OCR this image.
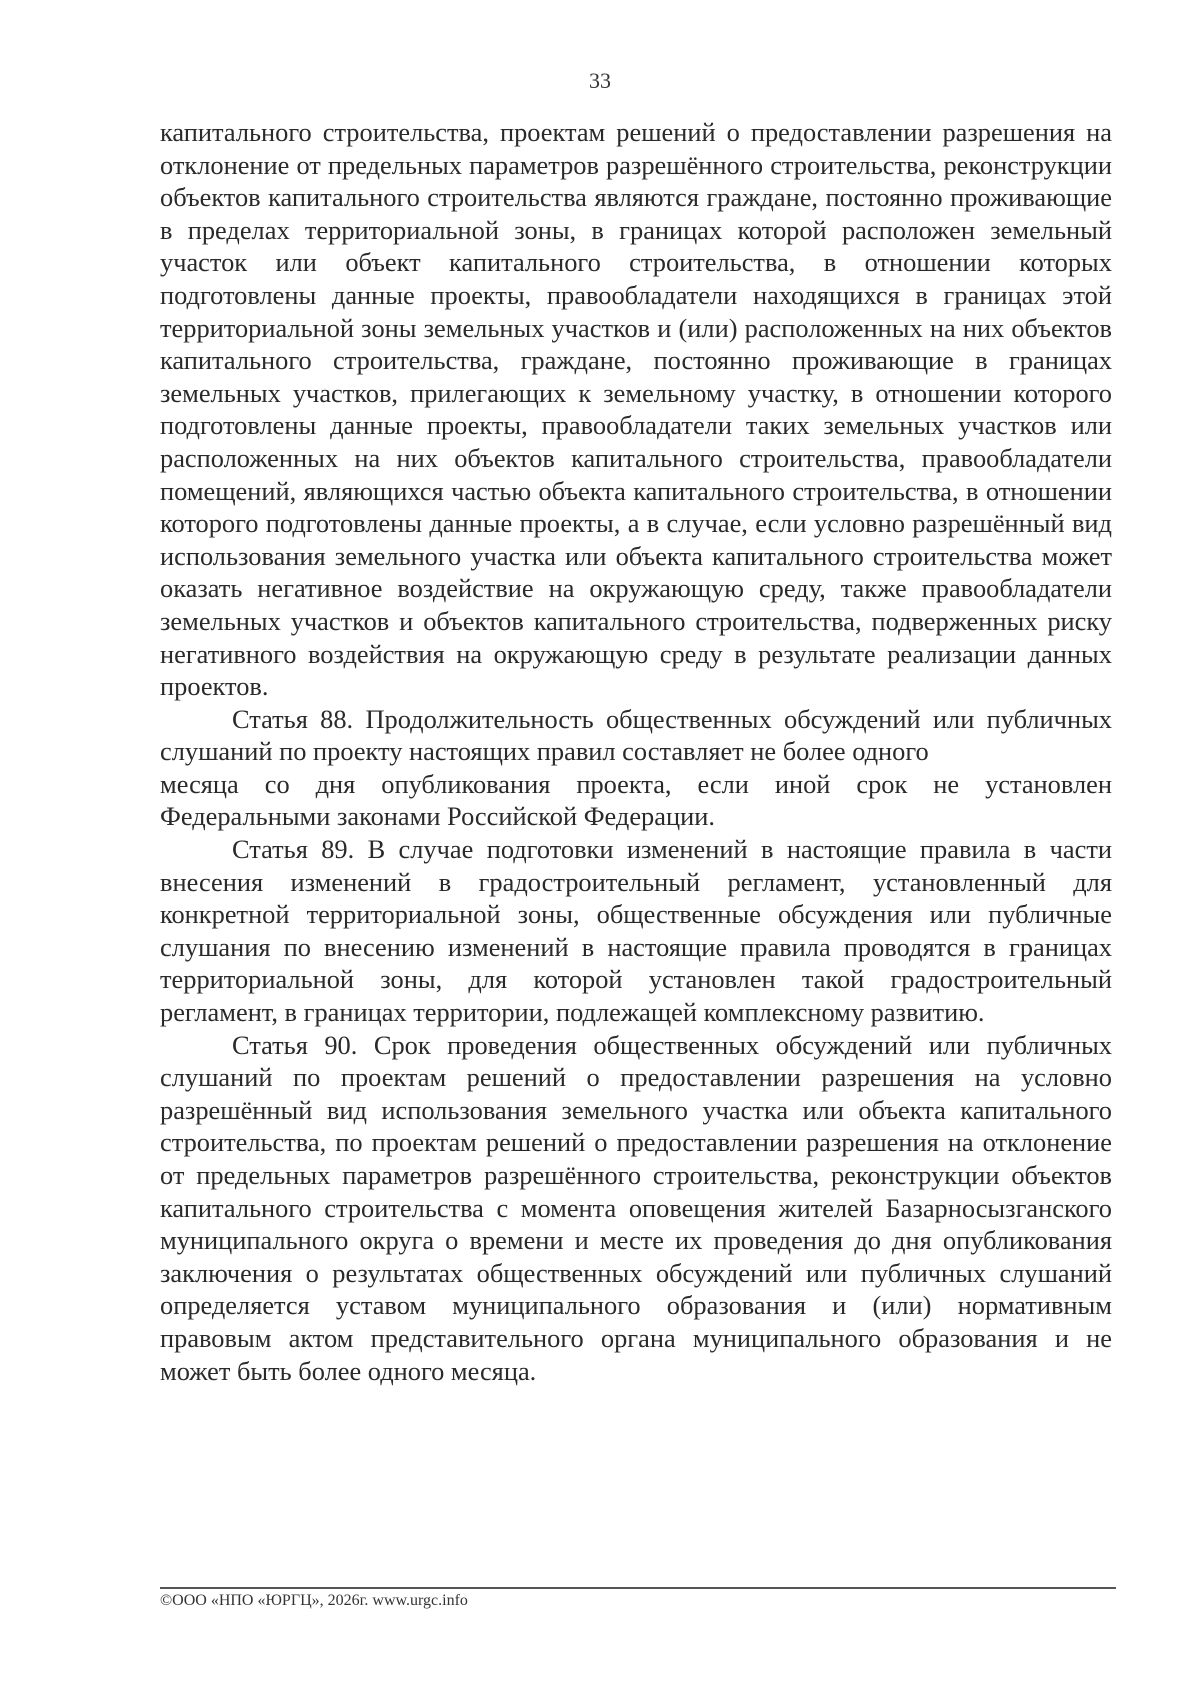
33

капитального строительства, проектам решений о предоставлении разрешения на отклонение от предельных параметров разрешённого строительства, реконструкции объектов капитального строительства являются граждане, постоянно проживающие в пределах территориальной зоны, в границах которой расположен земельный участок или объект капитального строительства, в отношении которых подготовлены данные проекты, правообладатели находящихся в границах этой территориальной зоны земельных участков и (или) расположенных на них объектов капитального строительства, граждане, постоянно проживающие в границах земельных участков, прилегающих к земельному участку, в отношении которого подготовлены данные проекты, правообладатели таких земельных участков или расположенных на них объектов капитального строительства, правообладатели помещений, являющихся частью объекта капитального строительства, в отношении которого подготовлены данные проекты, а в случае, если условно разрешённый вид использования земельного участка или объекта капитального строительства может оказать негативное воздействие на окружающую среду, также правообладатели земельных участков и объектов капитального строительства, подверженных риску негативного воздействия на окружающую среду в результате реализации данных проектов.

Статья 88. Продолжительность общественных обсуждений или публичных слушаний по проекту настоящих правил составляет не более одного

месяца со дня опубликования проекта, если иной срок не установлен Федеральными законами Российской Федерации.

Статья 89. В случае подготовки изменений в настоящие правила в части внесения изменений в градостроительный регламент, установленный для конкретной территориальной зоны, общественные обсуждения или публичные слушания по внесению изменений в настоящие правила проводятся в границах территориальной зоны, для которой установлен такой градостроительный регламент, в границах территории, подлежащей комплексному развитию.

Статья 90. Срок проведения общественных обсуждений или публичных слушаний по проектам решений о предоставлении разрешения на условно разрешённый вид использования земельного участка или объекта капитального строительства, по проектам решений о предоставлении разрешения на отклонение от предельных параметров разрешённого строительства, реконструкции объектов капитального строительства с момента оповещения жителей Базарносызганского муниципального округа о времени и месте их проведения до дня опубликования заключения о результатах общественных обсуждений или публичных слушаний определяется уставом муниципального образования и (или) нормативным правовым актом представительного органа муниципального образования и не может быть более одного месяца.

©ООО «НПО «ЮРГЦ», 2026г. www.urgc.info
